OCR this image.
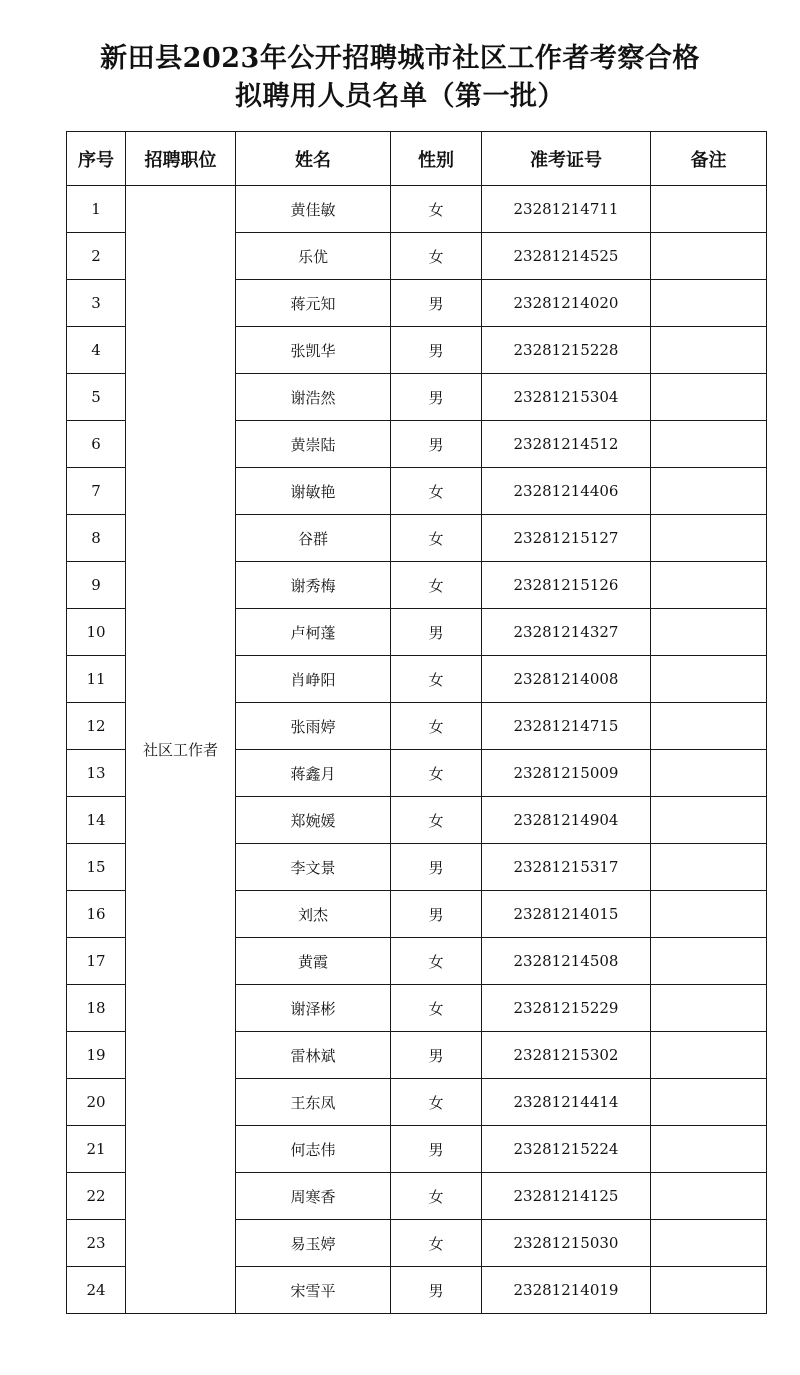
新田县2023年公开招聘城市社区工作者考察合格
拟聘用人员名单（第一批）
序号	招聘职位	姓名	性别	准考证号	备注
1	社区工作者	黄佳敏	女	23281214711	
2		乐优	女	23281214525	
3		蒋元知	男	23281214020	
4		张凯华	男	23281215228	
5		谢浩然	男	23281215304	
6		黄崇陆	男	23281214512	
7		谢敏艳	女	23281214406	
8		谷群	女	23281215127	
9		谢秀梅	女	23281215126	
10		卢柯蓬	男	23281214327	
11		肖峥阳	女	23281214008	
12		张雨婷	女	23281214715	
13		蒋鑫月	女	23281215009	
14		郑婉媛	女	23281214904	
15		李文景	男	23281215317	
16		刘杰	男	23281214015	
17		黄霞	女	23281214508	
18		谢泽彬	女	23281215229	
19		雷林斌	男	23281215302	
20		王东凤	女	23281214414	
21		何志伟	男	23281215224	
22		周寒香	女	23281214125	
23		易玉婷	女	23281215030	
24		宋雪平	男	23281214019	
